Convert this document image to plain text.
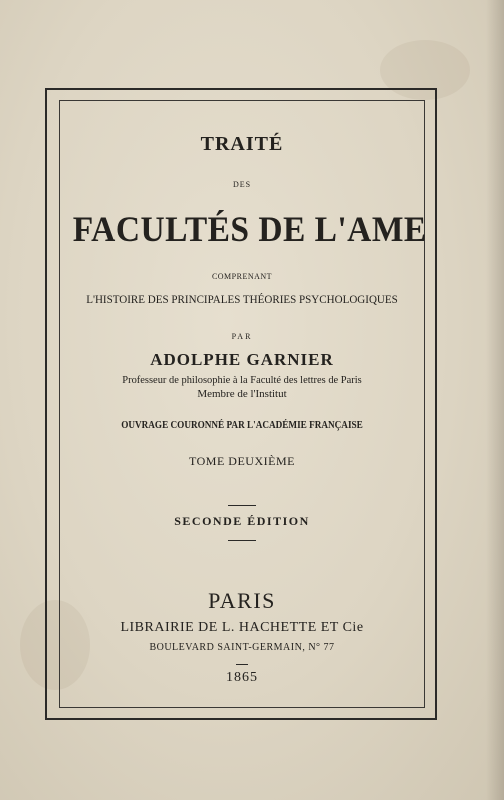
TRAITÉ
DES
FACULTÉS DE L'AME
COMPRENANT
L'HISTOIRE DES PRINCIPALES THÉORIES PSYCHOLOGIQUES
PAR
ADOLPHE GARNIER
Professeur de philosophie à la Faculté des lettres de Paris
Membre de l'Institut
OUVRAGE COURONNÉ PAR L'ACADÉMIE FRANÇAISE
TOME DEUXIÈME
SECONDE ÉDITION
PARIS
LIBRAIRIE DE L. HACHETTE ET Cie
BOULEVARD SAINT-GERMAIN, N° 77
1865
